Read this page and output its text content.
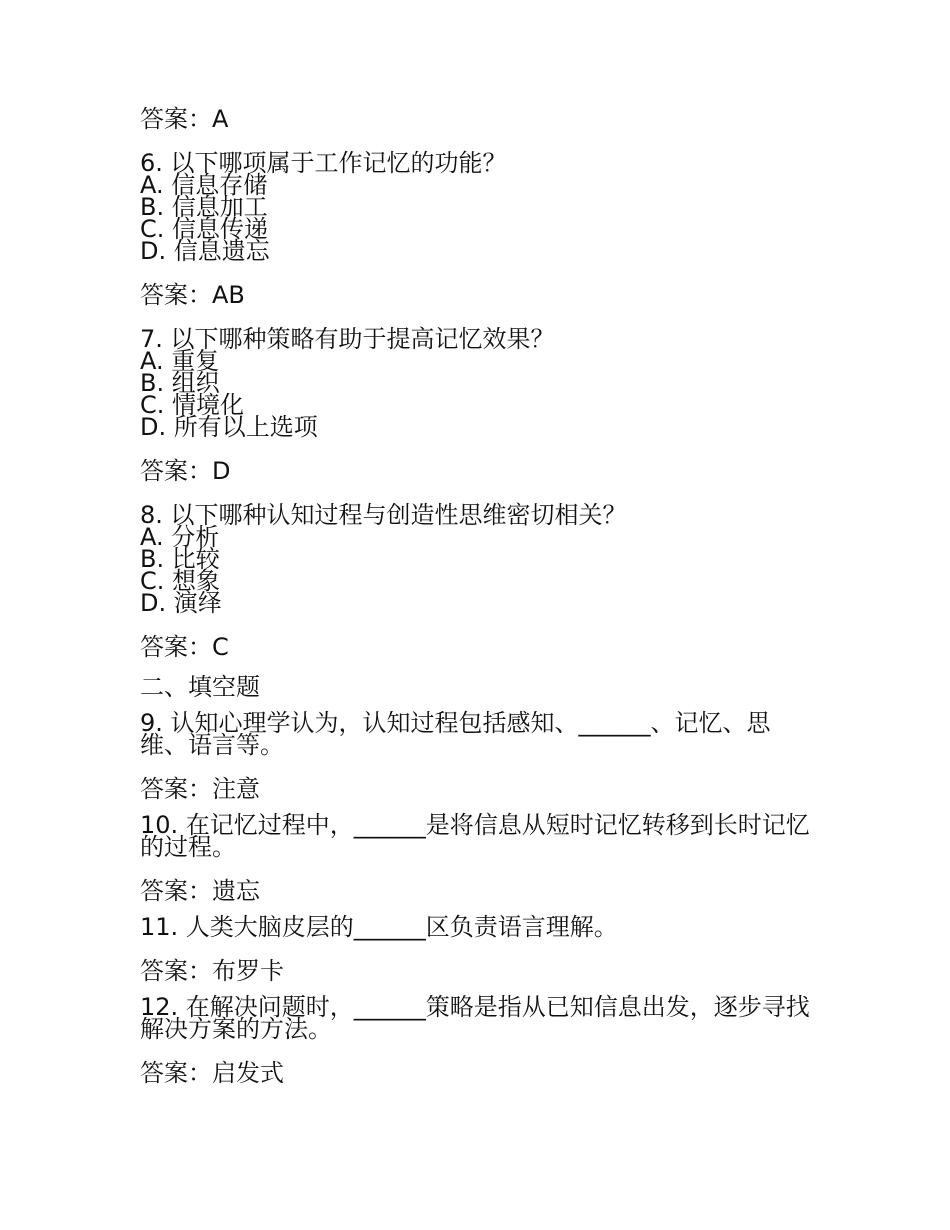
答案：A
6. 以下哪项属于工作记忆的功能？
A. 信息存储
B. 信息加工
C. 信息传递
D. 信息遗忘
答案：AB
7. 以下哪种策略有助于提高记忆效果？
A. 重复
B. 组织
C. 情境化
D. 所有以上选项
答案：D
8. 以下哪种认知过程与创造性思维密切相关？
A. 分析
B. 比较
C. 想象
D. 演绎
答案：C
二、填空题
9. 认知心理学认为，认知过程包括感知、______、记忆、思维、语言等。
答案：注意
10. 在记忆过程中，______是将信息从短时记忆转移到长时记忆的过程。
答案：遗忘
11. 人类大脑皮层的______区负责语言理解。
答案：布罗卡
12. 在解决问题时，______策略是指从已知信息出发，逐步寻找解决方案的方法。
答案：启发式
